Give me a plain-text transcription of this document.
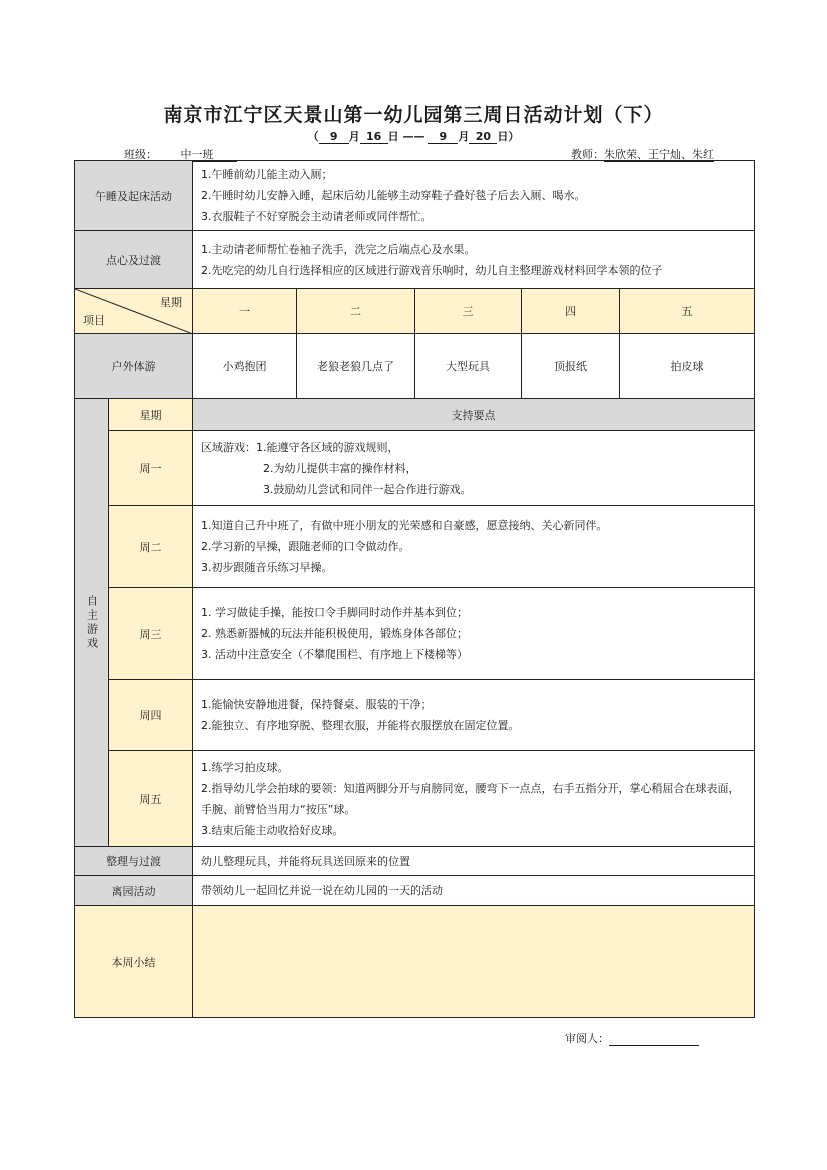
南京市江宁区天景山第一幼儿园第三周日活动计划（下）
（ 9 月 16 日 —— 9 月 20 日）
班级： 中一班	教师：朱欣荣、王宁灿、朱红
午睡及起床活动		1.午睡前幼儿能主动入厕；
2.午睡时幼儿安静入睡，起床后幼儿能够主动穿鞋子叠好毯子后去入厕、喝水。
3.衣服鞋子不好穿脱会主动请老师或同伴帮忙。				

点心及过渡		1.主动请老师帮忙卷袖子洗手，洗完之后端点心及水果。
2.先吃完的幼儿自行选择相应的区域进行游戏音乐响时，幼儿自主整理游戏材料回学本领的位子				

星期
项目		一	二	三	四	五
户外体游		小鸡抱团	老狼老狼几点了	大型玩具	顶报纸	拍皮球

自主游戏	星期	支持要点				
	周一	区域游戏：1.能遵守各区域的游戏规则，
2.为幼儿提供丰富的操作材料，
3.鼓励幼儿尝试和同伴一起合作进行游戏。				

	周二	1.知道自己升中班了，有做中班小朋友的光荣感和自豪感，愿意接纳、关心新同伴。
2.学习新的早操，跟随老师的口令做动作。
3.初步跟随音乐练习早操。				

	周三	1. 学习做徒手操，能按口令手脚同时动作并基本到位；
2. 熟悉新器械的玩法并能积极使用，锻炼身体各部位；
3. 活动中注意安全（不攀爬围栏、有序地上下楼梯等）				

	周四	1.能愉快安静地进餐，保持餐桌、服装的干净；
2.能独立、有序地穿脱、整理衣服，并能将衣服摆放在固定位置。				

	周五	1.练学习拍皮球。
2.指导幼儿学会拍球的要领：知道两脚分开与肩膀同宽，腰弯下一点点，右手五指分开，掌心稍屈合在球表面，手腕、前臂恰当用力“按压”球。
3.结束后能主动收拾好皮球。				

整理与过渡		幼儿整理玩具，并能将玩具送回原来的位置				
离园活动		带领幼儿一起回忆并说一说在幼儿园的一天的活动				
本周小结						
审阅人：
